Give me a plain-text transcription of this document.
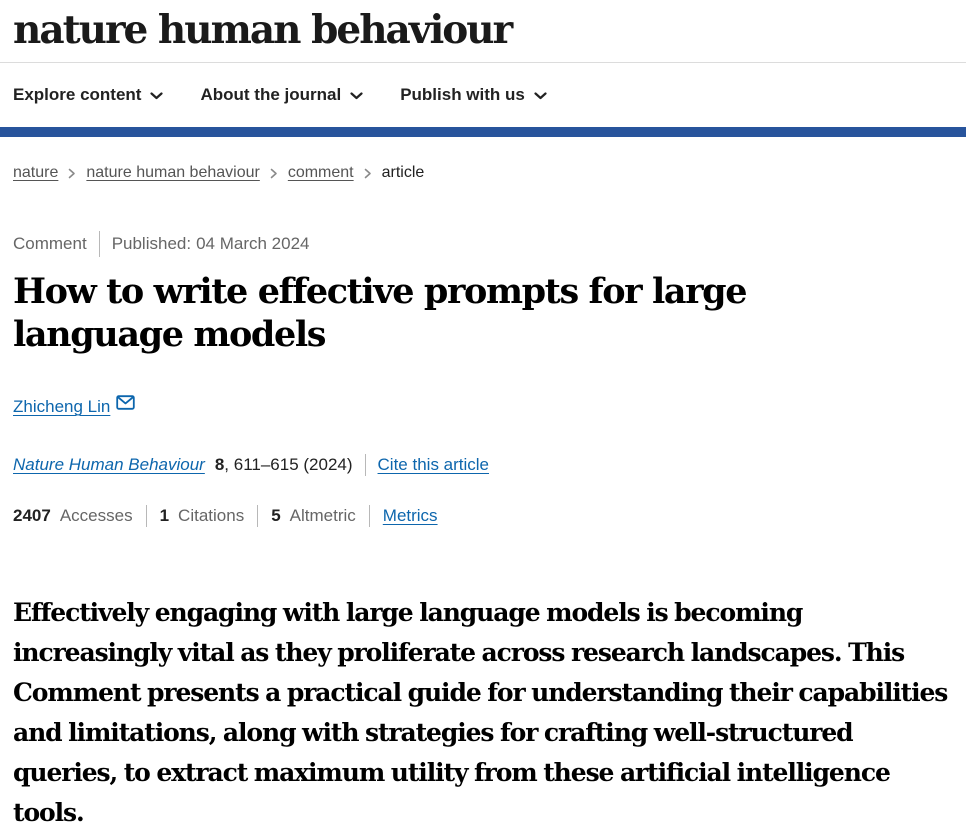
nature human behaviour
Explore content	About the journal	Publish with us
nature nature human behaviour comment article
Comment Published: 04 March 2024
How to write effective prompts for large language models
Zhicheng Lin
Nature Human Behaviour 8 , 611–615 (2024) Cite this article
2407 Accesses 1 Citations 5 Altmetric Metrics

Effectively engaging with large language models is becoming increasingly vital as they proliferate across research landscapes. This Comment presents a practical guide for understanding their capabilities and limitations, along with strategies for crafting well-structured queries, to extract maximum utility from these artificial intelligence tools.
